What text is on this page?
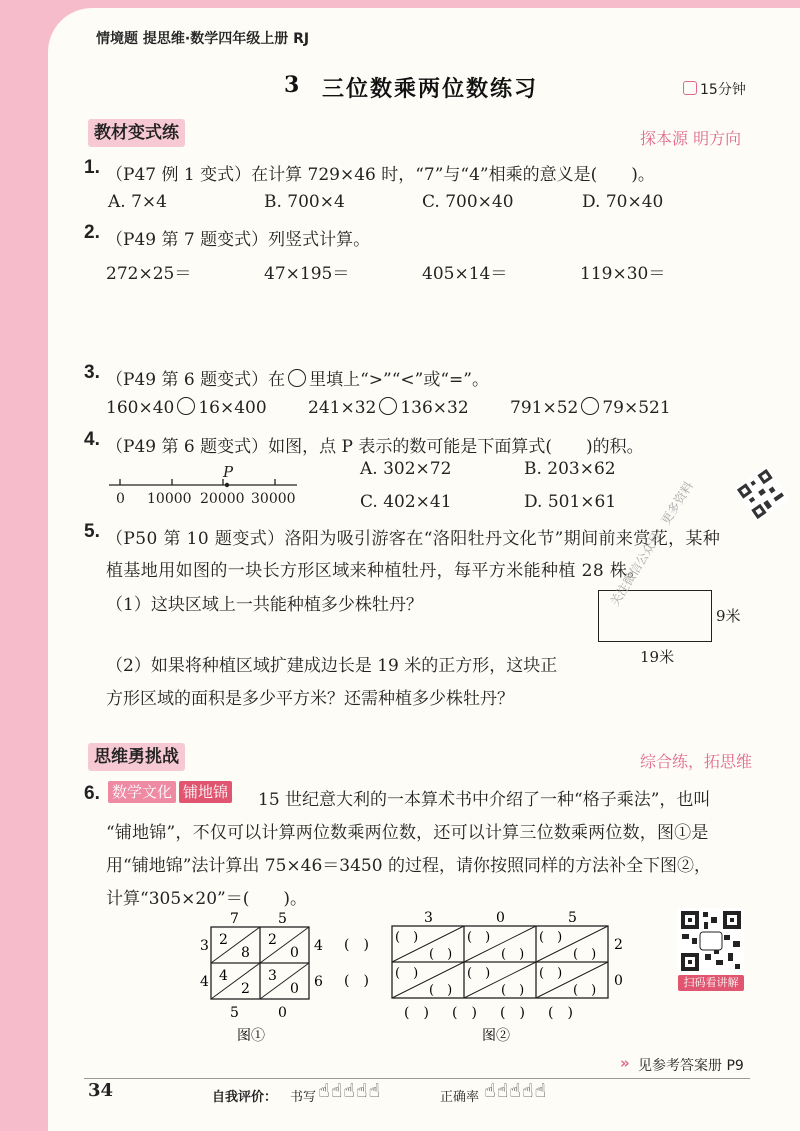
情境题 提思维·数学四年级上册 RJ
3 三位数乘两位数练习	15分钟
教材变式练	探本源 明方向
1. （P47 例 1 变式）在计算 729×46 时，“7”与“4”相乘的意义是(　　)。
A. 7×4	B. 700×4	C. 700×40	D. 70×40
2. （P49 第 7 题变式）列竖式计算。
272×25＝	47×195＝	405×14＝	119×30＝
3. （P49 第 6 题变式）在 里填上“>”“<”或“=”。
160×40 16×400 241×32 136×32 791×52 79×521
4. （P49 第 6 题变式）如图，点 P 表示的数可能是下面算式(　　)的积。
P
0 10000 20000 30000
A. 302×72	B. 203×62
C. 402×41	D. 501×61
5. （P50 第 10 题变式）洛阳为吸引游客在“洛阳牡丹文化节”期间前来赏花，某种
植基地用如图的一块长方形区域来种植牡丹，每平方米能种植 28 株。
（1）这块区域上一共能种植多少株牡丹？
（2）如果将种植区域扩建成边长是 19 米的正方形，这块正
方形区域的面积是多少平方米？还需种植多少株牡丹？
9米
19米
关注微信公众号：更多资料
思维勇挑战	综合练，拓思维
6. 数学文化 铺地锦	15 世纪意大利的一本算术书中介绍了一种“格子乘法”，也叫
“铺地锦”，不仅可以计算两位数乘两位数，还可以计算三位数乘两位数，图①是
用“铺地锦”法计算出 75×46＝3450 的过程，请你按照同样的方法补全下图②，
计算“305×20”＝(　　)。
7	5
4
6
3
4
5	0
2
8
2
0
4
2
3
0
图①
3	0	5
2
0
(　)
(　)
(　)
(　)
(　)
(　)
(　)
(　)
(　)
(　)
(　)
(　)
(　)
(　)
(　) (　) (　) (　)
图②
扫码看讲解
» 见参考答案册 P9
34	自我评价： 书写 ☝☝☝☝☝	正确率 ☝☝☝☝☝
